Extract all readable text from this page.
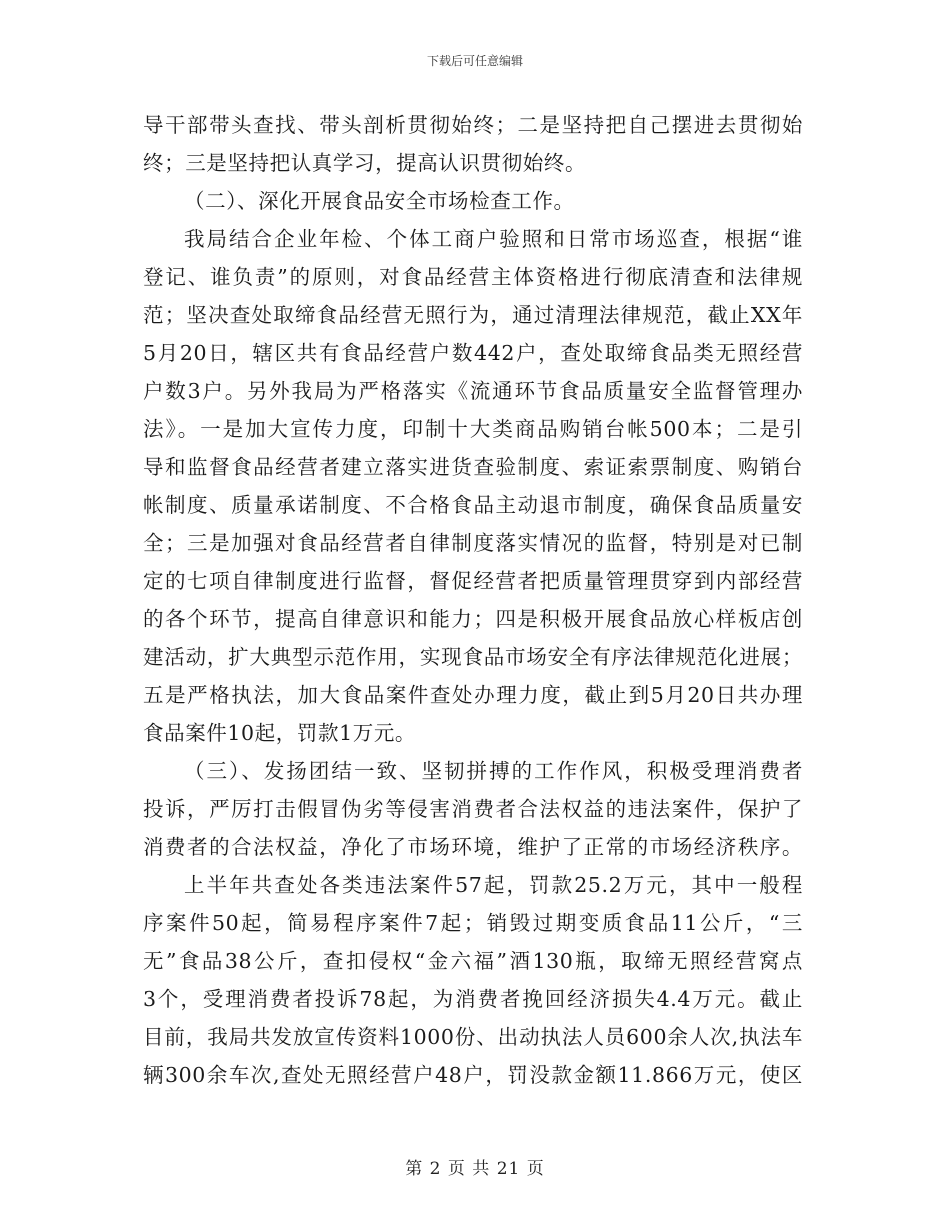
下载后可任意编辑
导干部带头查找、带头剖析贯彻始终；二是坚持把自己摆进去贯彻始
终；三是坚持把认真学习，提高认识贯彻始终。
（二）、深化开展食品安全市场检查工作。
我局结合企业年检、个体工商户验照和日常市场巡查，根据“谁
登记、谁负责”的原则，对食品经营主体资格进行彻底清查和法律规
范；坚决查处取缔食品经营无照行为，通过清理法律规范，截止XX年
5月20日，辖区共有食品经营户数442户，查处取缔食品类无照经营
户数3户。另外我局为严格落实《流通环节食品质量安全监督管理办
法》。一是加大宣传力度，印制十大类商品购销台帐500本；二是引
导和监督食品经营者建立落实进货查验制度、索证索票制度、购销台
帐制度、质量承诺制度、不合格食品主动退市制度，确保食品质量安
全；三是加强对食品经营者自律制度落实情况的监督，特别是对已制
定的七项自律制度进行监督，督促经营者把质量管理贯穿到内部经营
的各个环节，提高自律意识和能力；四是积极开展食品放心样板店创
建活动，扩大典型示范作用，实现食品市场安全有序法律规范化进展；
五是严格执法，加大食品案件查处办理力度，截止到5月20日共办理
食品案件10起，罚款1万元。
（三）、发扬团结一致、坚韧拼搏的工作作风，积极受理消费者
投诉，严厉打击假冒伪劣等侵害消费者合法权益的违法案件，保护了
消费者的合法权益，净化了市场环境，维护了正常的市场经济秩序。
上半年共查处各类违法案件57起，罚款25.2万元，其中一般程
序案件50起，简易程序案件7起；销毁过期变质食品11公斤，“三
无”食品38公斤，查扣侵权“金六福”酒130瓶，取缔无照经营窝点
3个，受理消费者投诉78起，为消费者挽回经济损失4.4万元。截止
目前，我局共发放宣传资料1000份、出动执法人员600余人次,执法车
辆300余车次,查处无照经营户48户，罚没款金额11.866万元，使区
第 2 页 共 21 页
